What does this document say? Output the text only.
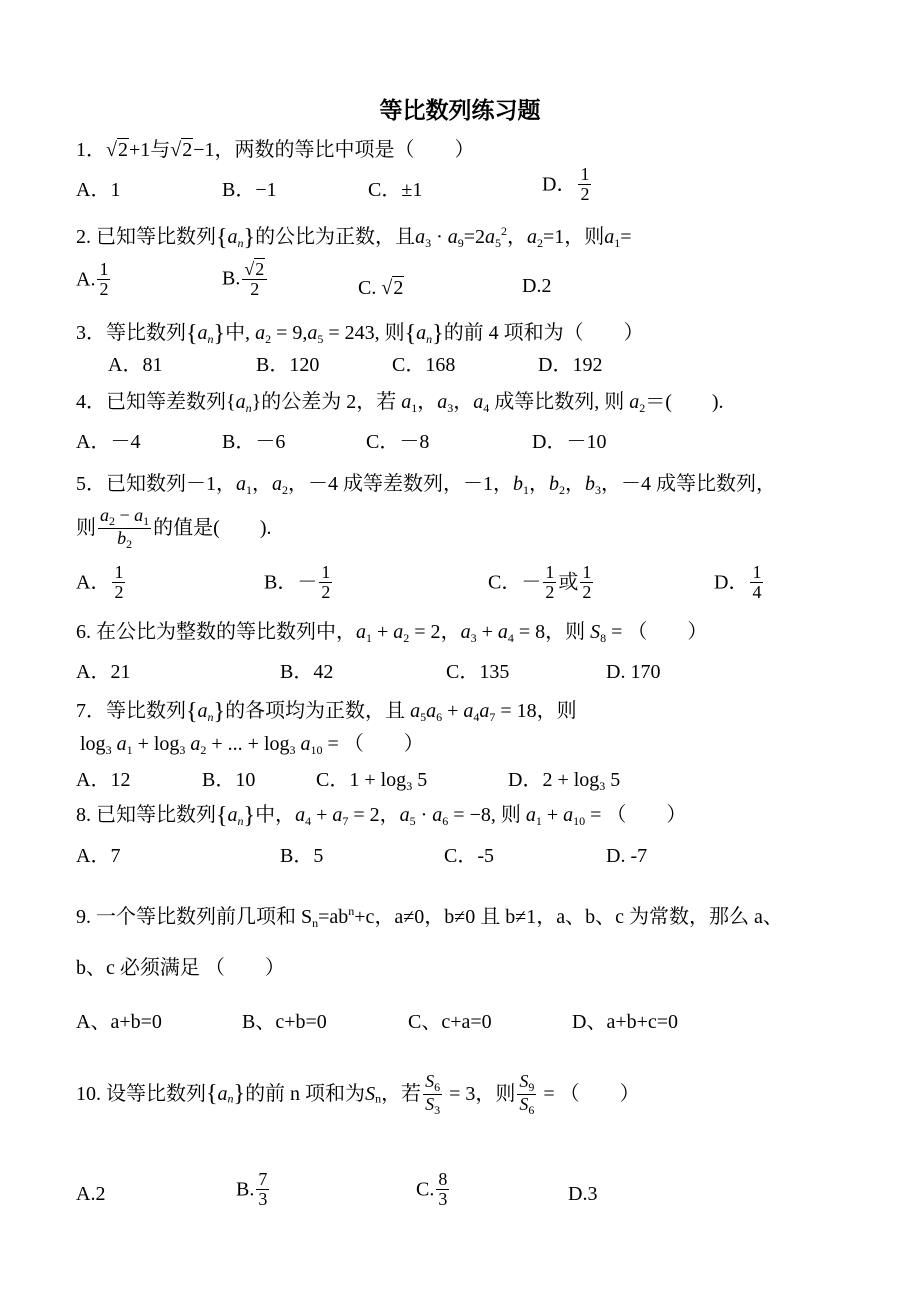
等比数列练习题
1．√2+1与√2−1，两数的等比中项是（　　）
A．1	B．−1	C．±1	D． $\frac{1}{2}$
2. 已知等比数列$\{a_n\}$的公比为正数，且$a_3 \cdot a_9=2a_5^2$，$a_2=1$，则$a_1=$
A. $\frac{1}{2}$	B. $\frac{√2}{2}$	C. √2	D.2
3．等比数列$\{a_n\}$中, $a_2 = 9,a_5 = 243$, 则$\{a_n\}$的前 4 项和为（　　）
A．81	B．120	C．168	D．192
4．已知等差数列$\{a_n\}$的公差为 2，若 $a_1$，$a_3$，$a_4$ 成等比数列, 则 $a_2=$(　　).
A．－4	B．－6	C．－8	D．－10
5．已知数列－1，$a_1$，$a_2$，－4 成等差数列，－1，$b_1$，$b_2$，$b_3$，－4 成等比数列，
则 $\frac{a_2 - a_1}{b_2}$ 的值是(　　).
A． $\frac{1}{2}$	B．－ $\frac{1}{2}$	C．－ $\frac{1}{2}$ 或 $\frac{1}{2}$	D． $\frac{1}{4}$
6. 在公比为整数的等比数列中，$a_1 + a_2 = 2$，$a_3 + a_4 = 8$，则 $S_8$ = （　　）
A．21	B．42	C．135	D. 170
7．等比数列$\{a_n\}$的各项均为正数，且 $a_5a_6 + a_4a_7 = 18$，则
$\log_3 a_1 + \log_3 a_2$ + ... + $\log_3 a_{10}$ = （　　）
A．12	B．10	C．$1 + \log_3 5$	D．$2 + \log_3 5$
8. 已知等比数列$\{a_n\}$中，$a_4 + a_7 = 2$，$a_5 \cdot a_6 = -8$, 则 $a_1 + a_{10}$ = （　　）
A．7	B．5	C．-5	D. -7
9. 一个等比数列前几项和 $S_n=ab^n+c$，a≠0，b≠0 且 b≠1，a、b、c 为常数，那么 a、
b、c 必须满足 （　　）
A、a+b=0	B、c+b=0	C、c+a=0	D、a+b+c=0
10. 设等比数列$\{a_n\}$的前 n 项和为$S_n$，若 $\frac{S_6}{S_3} = 3$，则 $\frac{S_9}{S_6}$ = （　　）
A.2	B. $\frac{7}{3}$	C. $\frac{8}{3}$	D.3
